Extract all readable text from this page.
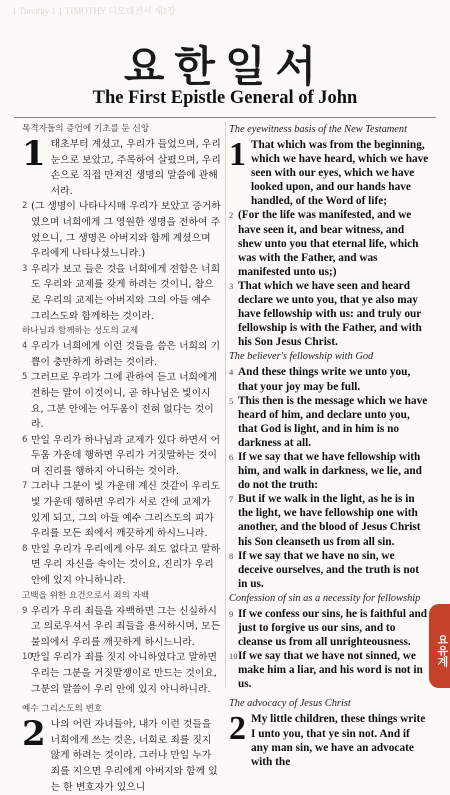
1 Timothy 1 1 TIMOTHY 디모데전서 제1장
요한일서
The First Epistle General of John
목격자들의 증언에 기초를 둔 신앙
1 태초부터 계셨고, 우리가 들었으며, 우리 눈으로 보았고, 주목하여 살폈으며, 우리 손으로 직접 만져진 생명의 말씀에 관해서라.
2 (그 생명이 나타나시매 우리가 보았고 증거하였으며 너희에게 그 영원한 생명을 전하여 주었으니, 그 생명은 아버지와 함께 계셨으며 우리에게 나타나셨느니라.)
3 우리가 보고 들은 것을 너희에게 전함은 너희도 우리와 교제를 갖게 하려는 것이니, 참으로 우리의 교제는 아버지와 그의 아들 예수 그리스도와 함께하는 것이라.
하나님과 함께하는 성도의 교제
4 우리가 너희에게 이런 것들을 씀은 너희의 기쁨이 충만하게 하려는 것이라.
5 그러므로 우리가 그에 관하여 듣고 너희에게 전하는 말이 이것이니, 곧 하나님은 빛이시요, 그분 안에는 어두움이 전혀 없다는 것이라.
6 만일 우리가 하나님과 교제가 있다 하면서 어두움 가운데 행하면 우리가 거짓말하는 것이며 진리를 행하지 아니하는 것이라.
7 그러나 그분이 빛 가운데 계신 것같이 우리도 빛 가운데 행하면 우리가 서로 간에 교제가 있게 되고, 그의 아들 예수 그리스도의 피가 우리를 모든 죄에서 깨끗하게 하시느니라.
8 만일 우리가 우리에게 아무 죄도 없다고 말하면 우리 자신을 속이는 것이요, 진리가 우리 안에 있지 아니하니라.
고백을 위한 요건으로서 죄의 자백
9 우리가 우리 죄들을 자백하면 그는 신실하시고 의로우셔서 우리 죄들을 용서하시며, 모든 불의에서 우리를 깨끗하게 하시느니라.
10
만일 우리가 죄를 짓지 아니하였다고 말하면 우리는 그분을 거짓말쟁이로 만드는 것이요, 그분의 말씀이 우리 안에 있지 아니하니라.
예수 그리스도의 변호
2 나의 어린 자녀들아, 내가 이런 것들을 너희에게 쓰는 것은, 너희로 죄를 짓지 않게 하려는 것이라. 그러나 만일 누가 죄를 지으면 우리에게 아버지와 함께 있는 한 변호자가 있으니
The eyewitness basis of the New Testament
1 That which was from the beginning, which we have heard, which we have seen with our eyes, which we have looked upon, and our hands have handled, of the Word of life;
2 (For the life was manifested, and we have seen it, and bear witness, and shew unto you that eternal life, which was with the Father, and was manifested unto us;)
3 That which we have seen and heard declare we unto you, that ye also may have fellowship with us: and truly our fellowship is with the Father, and with his Son Jesus Christ.
The believer's fellowship with God
4 And these things write we unto you, that your joy may be full.
5 This then is the message which we have heard of him, and declare unto you, that God is light, and in him is no darkness at all.
6 If we say that we have fellowship with him, and walk in darkness, we lie, and do not the truth:
7 But if we walk in the light, as he is in the light, we have fellowship one with another, and the blood of Jesus Christ his Son cleanseth us from all sin.
8 If we say that we have no sin, we deceive ourselves, and the truth is not in us.
Confession of sin as a necessity for fellowship
9 If we confess our sins, he is faithful and just to forgive us our sins, and to cleanse us from all unrighteousness.
10 If we say that we have not sinned, we make him a liar, and his word is not in us.
The advocacy of Jesus Christ
2 My little children, these things write I unto you, that ye sin not. And if any man sin, we have an advocate with the
요유계
